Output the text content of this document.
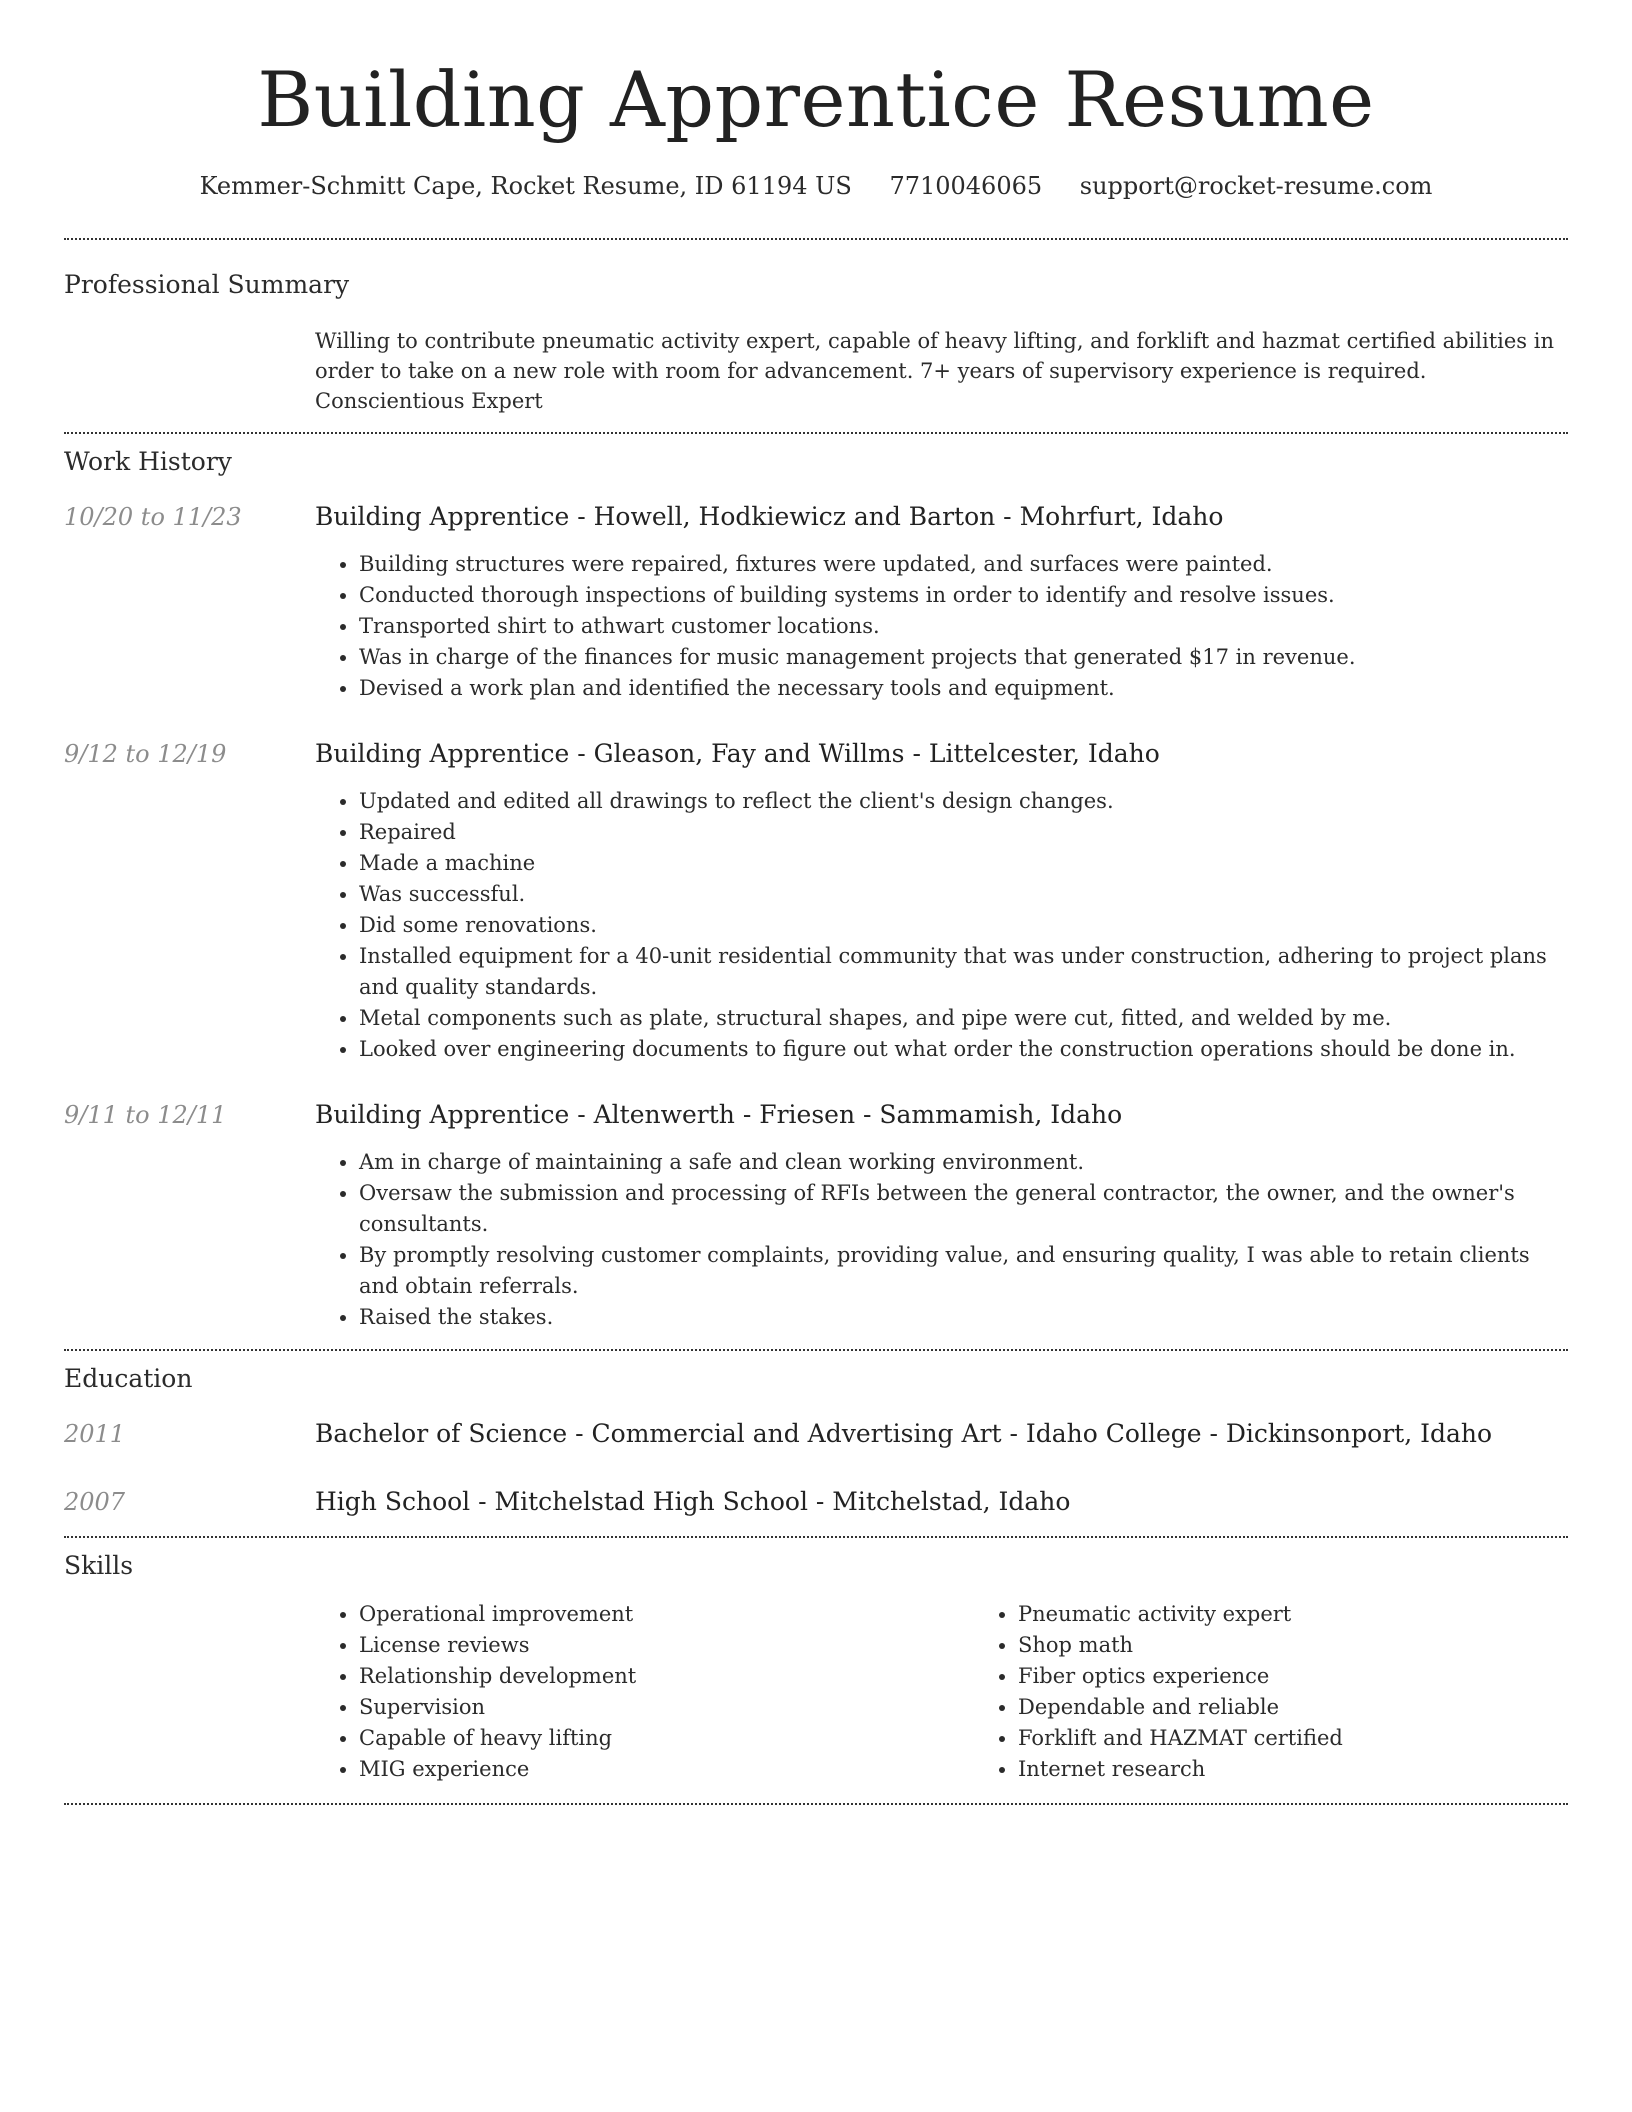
Building Apprentice Resume
Kemmer-Schmitt Cape, Rocket Resume, ID 61194 US 7710046065 support@rocket-resume.com
Professional Summary
Willing to contribute pneumatic activity expert, capable of heavy lifting, and forklift and hazmat certified abilities in order to take on a new role with room for advancement. 7+ years of supervisory experience is required. Conscientious Expert
Work History
10/20 to 11/23	Building Apprentice - Howell, Hodkiewicz and Barton - Mohrfurt, Idaho
• Building structures were repaired, fixtures were updated, and surfaces were painted.
• Conducted thorough inspections of building systems in order to identify and resolve issues.
• Transported shirt to athwart customer locations.
• Was in charge of the finances for music management projects that generated $17 in revenue.
• Devised a work plan and identified the necessary tools and equipment.
9/12 to 12/19	Building Apprentice - Gleason, Fay and Willms - Littelcester, Idaho
• Updated and edited all drawings to reflect the client's design changes.
• Repaired
• Made a machine
• Was successful.
• Did some renovations.
• Installed equipment for a 40-unit residential community that was under construction, adhering to project plans and quality standards.
• Metal components such as plate, structural shapes, and pipe were cut, fitted, and welded by me.
• Looked over engineering documents to figure out what order the construction operations should be done in.
9/11 to 12/11	Building Apprentice - Altenwerth - Friesen - Sammamish, Idaho
• Am in charge of maintaining a safe and clean working environment.
• Oversaw the submission and processing of RFIs between the general contractor, the owner, and the owner's consultants.
• By promptly resolving customer complaints, providing value, and ensuring quality, I was able to retain clients and obtain referrals.
• Raised the stakes.
Education
2011	Bachelor of Science - Commercial and Advertising Art - Idaho College - Dickinsonport, Idaho
2007	High School - Mitchelstad High School - Mitchelstad, Idaho
Skills
• Operational improvement
• License reviews
• Relationship development
• Supervision
• Capable of heavy lifting
• MIG experience
• Pneumatic activity expert
• Shop math
• Fiber optics experience
• Dependable and reliable
• Forklift and HAZMAT certified
• Internet research
